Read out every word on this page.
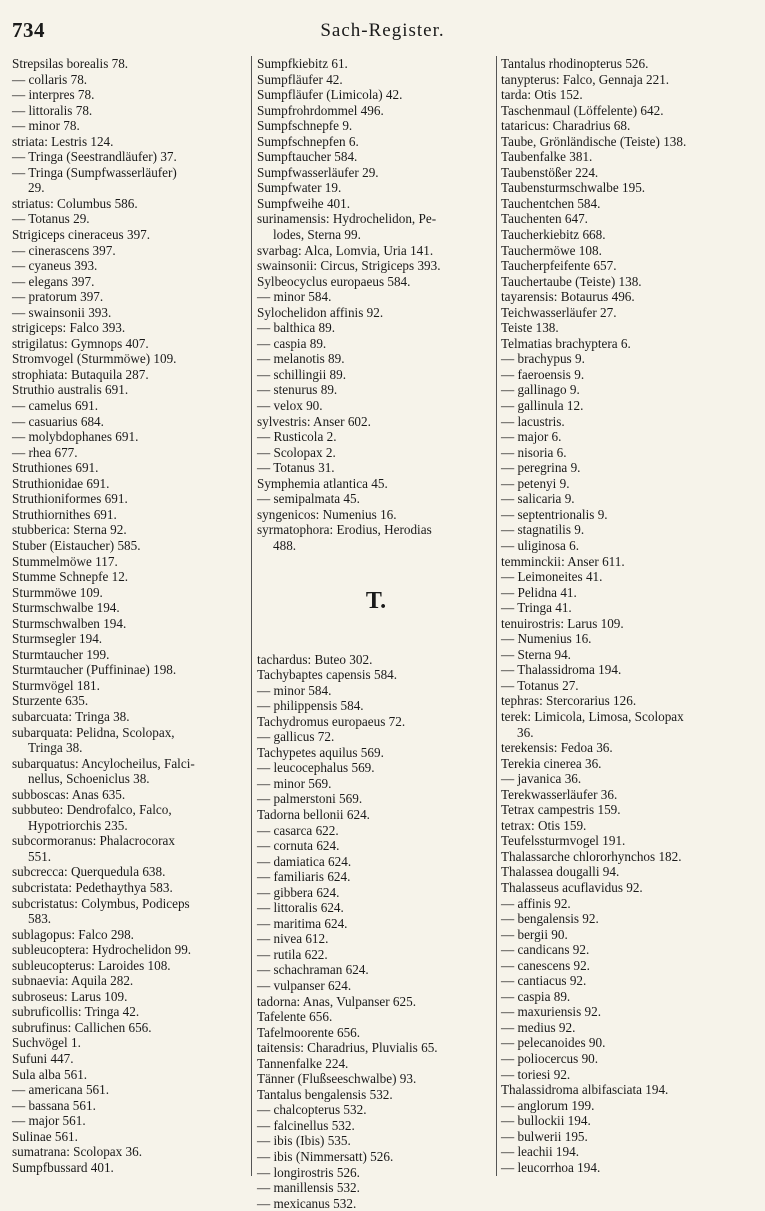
734	Sach-Register.
Strepsilas borealis 78.
— collaris 78.
— interpres 78.
— littoralis 78.
— minor 78.
striata: Lestris 124.
— Tringa (Seestrandläufer) 37.
— Tringa (Sumpfwasserläufer)
29.
striatus: Columbus 586.
— Totanus 29.
Strigiceps cineraceus 397.
— cinerascens 397.
— cyaneus 393.
— elegans 397.
— pratorum 397.
— swainsonii 393.
strigiceps: Falco 393.
strigilatus: Gymnops 407.
Stromvogel (Sturmmöwe) 109.
strophiata: Butaquila 287.
Struthio australis 691.
— camelus 691.
— casuarius 684.
— molybdophanes 691.
— rhea 677.
Struthiones 691.
Struthionidae 691.
Struthioniformes 691.
Struthiornithes 691.
stubberica: Sterna 92.
Stuber (Eistaucher) 585.
Stummelmöwe 117.
Stumme Schnepfe 12.
Sturmmöwe 109.
Sturmschwalbe 194.
Sturmschwalben 194.
Sturmsegler 194.
Sturmtaucher 199.
Sturmtaucher (Puffininae) 198.
Sturmvögel 181.
Sturzente 635.
subarcuata: Tringa 38.
subarquata: Pelidna, Scolopax,
Tringa 38.
subarquatus: Ancylocheilus, Falci-
nellus, Schoeniclus 38.
subboscas: Anas 635.
subbuteo: Dendrofalco, Falco,
Hypotriorchis 235.
subcormoranus: Phalacrocorax
551.
subcrecca: Querquedula 638.
subcristata: Pedethaythya 583.
subcristatus: Colymbus, Podiceps
583.
sublagopus: Falco 298.
subleucoptera: Hydrochelidon 99.
subleucopterus: Laroides 108.
subnaevia: Aquila 282.
subroseus: Larus 109.
subruficollis: Tringa 42.
subrufinus: Callichen 656.
Suchvögel 1.
Sufuni 447.
Sula alba 561.
— americana 561.
— bassana 561.
— major 561.
Sulinae 561.
sumatrana: Scolopax 36.
Sumpfbussard 401.
Sumpfkiebitz 61.
Sumpfläufer 42.
Sumpfläufer (Limicola) 42.
Sumpfrohrdommel 496.
Sumpfschnepfe 9.
Sumpfschnepfen 6.
Sumpftaucher 584.
Sumpfwasserläufer 29.
Sumpfwater 19.
Sumpfweihe 401.
surinamensis: Hydrochelidon, Pe-
lodes, Sterna 99.
svarbag: Alca, Lomvia, Uria 141.
swainsonii: Circus, Strigiceps 393.
Sylbeocyclus europaeus 584.
— minor 584.
Sylochelidon affinis 92.
— balthica 89.
— caspia 89.
— melanotis 89.
— schillingii 89.
— stenurus 89.
— velox 90.
sylvestris: Anser 602.
— Rusticola 2.
— Scolopax 2.
— Totanus 31.
Symphemia atlantica 45.
— semipalmata 45.
syngenicos: Numenius 16.
syrmatophora: Erodius, Herodias
488.
T.
tachardus: Buteo 302.
Tachybaptes capensis 584.
— minor 584.
— philippensis 584.
Tachydromus europaeus 72.
— gallicus 72.
Tachypetes aquilus 569.
— leucocephalus 569.
— minor 569.
— palmerstoni 569.
Tadorna bellonii 624.
— casarca 622.
— cornuta 624.
— damiatica 624.
— familiaris 624.
— gibbera 624.
— littoralis 624.
— maritima 624.
— nivea 612.
— rutila 622.
— schachraman 624.
— vulpanser 624.
tadorna: Anas, Vulpanser 625.
Tafelente 656.
Tafelmoorente 656.
taitensis: Charadrius, Pluvialis 65.
Tannenfalke 224.
Tänner (Flußseeschwalbe) 93.
Tantalus bengalensis 532.
— chalcopterus 532.
— falcinellus 532.
— ibis (Ibis) 535.
— ibis (Nimmersatt) 526.
— longirostris 526.
— manillensis 532.
— mexicanus 532.
Tantalus rhodinopterus 526.
tanypterus: Falco, Gennaja 221.
tarda: Otis 152.
Taschenmaul (Löffelente) 642.
tataricus: Charadrius 68.
Taube, Grönländische (Teiste) 138.
Taubenfalke 381.
Taubenstößer 224.
Taubensturmschwalbe 195.
Tauchentchen 584.
Tauchenten 647.
Taucherkiebitz 668.
Tauchermöwe 108.
Taucherpfeifente 657.
Tauchertaube (Teiste) 138.
tayarensis: Botaurus 496.
Teichwasserläufer 27.
Teiste 138.
Telmatias brachyptera 6.
— brachypus 9.
— faeroensis 9.
— gallinago 9.
— gallinula 12.
— lacustris.
— major 6.
— nisoria 6.
— peregrina 9.
— petenyi 9.
— salicaria 9.
— septentrionalis 9.
— stagnatilis 9.
— uliginosa 6.
temminckii: Anser 611.
— Leimoneites 41.
— Pelidna 41.
— Tringa 41.
tenuirostris: Larus 109.
— Numenius 16.
— Sterna 94.
— Thalassidroma 194.
— Totanus 27.
tephras: Stercorarius 126.
terek: Limicola, Limosa, Scolopax
36.
terekensis: Fedoa 36.
Terekia cinerea 36.
— javanica 36.
Terekwasserläufer 36.
Tetrax campestris 159.
tetrax: Otis 159.
Teufelssturmvogel 191.
Thalassarche chlororhynchos 182.
Thalassea dougalli 94.
Thalasseus acuflavidus 92.
— affinis 92.
— bengalensis 92.
— bergii 90.
— candicans 92.
— canescens 92.
— cantiacus 92.
— caspia 89.
— maxuriensis 92.
— medius 92.
— pelecanoides 90.
— poliocercus 90.
— toriesi 92.
Thalassidroma albifasciata 194.
— anglorum 199.
— bullockii 194.
— bulwerii 195.
— leachii 194.
— leucorrhoa 194.
